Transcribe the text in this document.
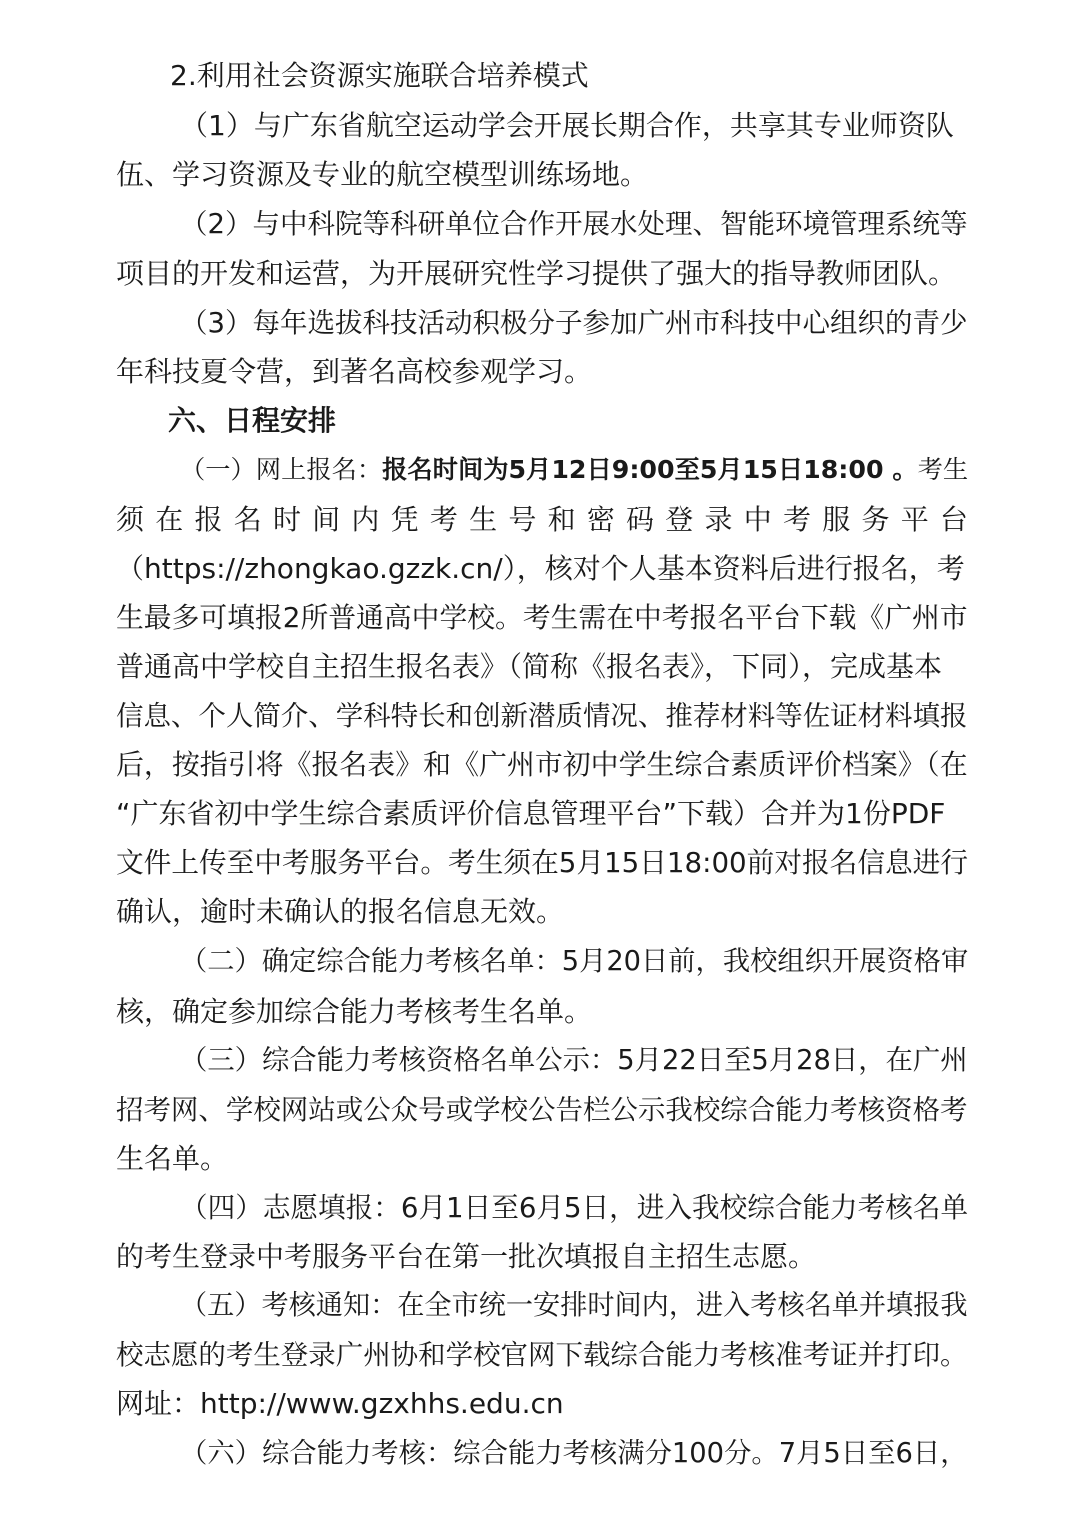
2.利用社会资源实施联合培养模式
（1）与广东省航空运动学会开展长期合作，共享其专业师资队
伍、学习资源及专业的航空模型训练场地。
（2）与中科院等科研单位合作开展水处理、智能环境管理系统等
项目的开发和运营，为开展研究性学习提供了强大的指导教师团队。
（3）每年选拔科技活动积极分子参加广州市科技中心组织的青少
年科技夏令营，到著名高校参观学习。
六、日程安排
（一）网上报名：报名时间为5月12日9:00至5月15日18:00 。考生
须 在 报 名 时 间 内 凭 考 生 号 和 密 码 登 录 中 考 服 务 平 台
（https://zhongkao.gzzk.cn/），核对个人基本资料后进行报名，考
生最多可填报2所普通高中学校。考生需在中考报名平台下载《广州市
普通高中学校自主招生报名表》（简称《报名表》，下同），完成基本
信息、个人简介、学科特长和创新潜质情况、推荐材料等佐证材料填报
后，按指引将《报名表》和《广州市初中学生综合素质评价档案》（在
“广东省初中学生综合素质评价信息管理平台”下载）合并为1份PDF
文件上传至中考服务平台。考生须在5月15日18:00前对报名信息进行
确认，逾时未确认的报名信息无效。
（二）确定综合能力考核名单：5月20日前，我校组织开展资格审
核，确定参加综合能力考核考生名单。
（三）综合能力考核资格名单公示：5月22日至5月28日，在广州
招考网、学校网站或公众号或学校公告栏公示我校综合能力考核资格考
生名单。
（四）志愿填报：6月1日至6月5日，进入我校综合能力考核名单
的考生登录中考服务平台在第一批次填报自主招生志愿。
（五）考核通知：在全市统一安排时间内，进入考核名单并填报我
校志愿的考生登录广州协和学校官网下载综合能力考核准考证并打印。
网址：http://www.gzxhhs.edu.cn
（六）综合能力考核：综合能力考核满分100分。7月5日至6日，
